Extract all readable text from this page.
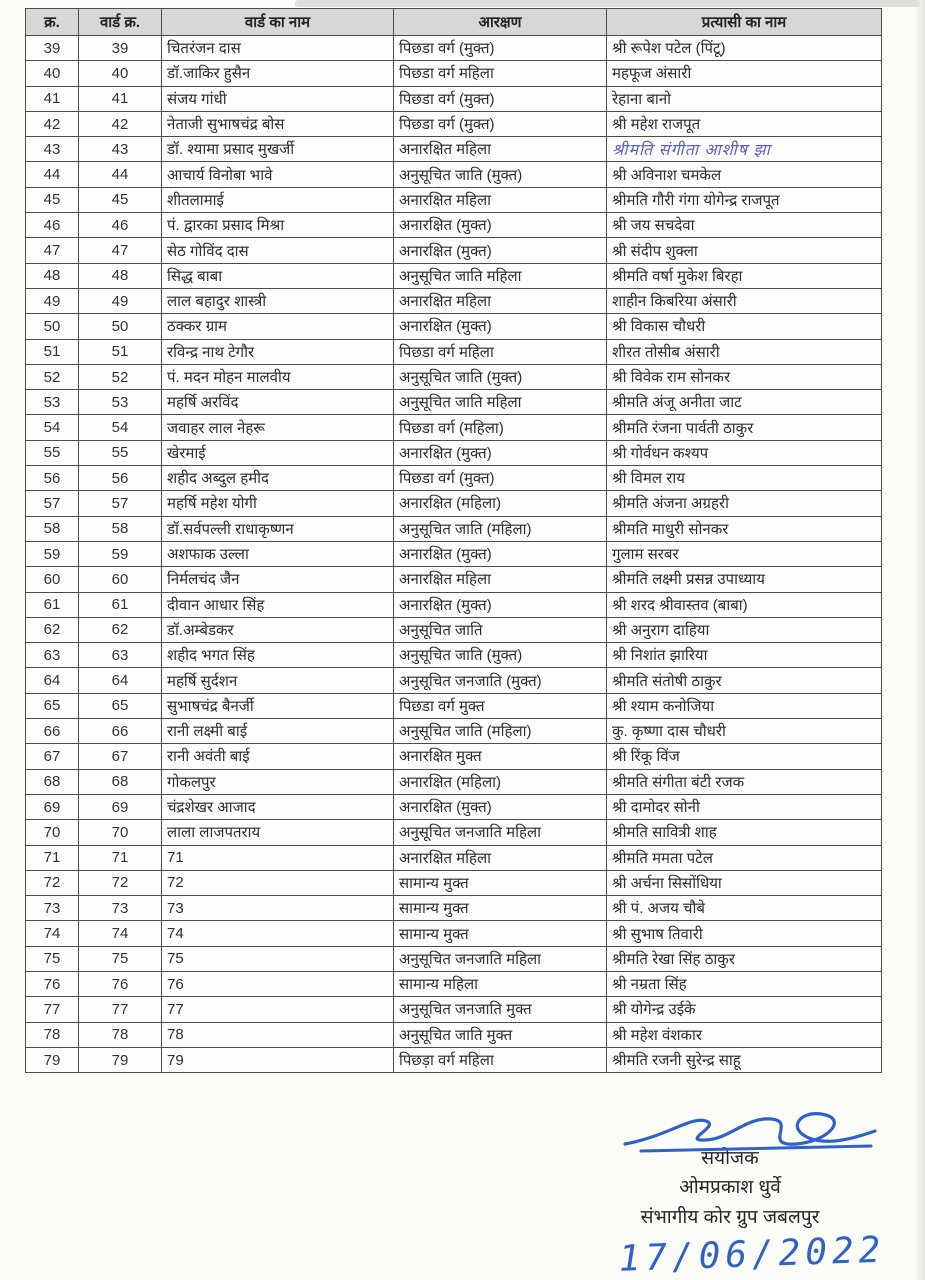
क्र.	वार्ड क्र.	वार्ड का नाम	आरक्षण	प्रत्यासी का नाम
39	39	चितरंजन दास	पिछडा वर्ग (मुक्त)	श्री रूपेश पटेल (पिंटू)
40	40	डॉ.जाकिर हुसैन	पिछडा वर्ग महिला	महफूज अंसारी
41	41	संजय गांधी	पिछडा वर्ग (मुक्त)	रेहाना बानो
42	42	नेताजी सुभाषचंद्र बोस	पिछडा वर्ग (मुक्त)	श्री महेश राजपूत
43	43	डॉ. श्यामा प्रसाद मुखर्जी	अनारक्षित महिला	श्रीमति संगीता आशीष झा
44	44	आचार्य विनोबा भावे	अनुसूचित जाति (मुक्त)	श्री अविनाश चमकेल
45	45	शीतलामाई	अनारक्षित महिला	श्रीमति गौरी गंगा योगेन्द्र राजपूत
46	46	पं. द्वारका प्रसाद मिश्रा	अनारक्षित (मुक्त)	श्री जय सचदेवा
47	47	सेठ गोविंद दास	अनारक्षित (मुक्त)	श्री संदीप शुक्ला
48	48	सिद्ध बाबा	अनुसूचित जाति महिला	श्रीमति वर्षा मुकेश बिरहा
49	49	लाल बहादुर शास्त्री	अनारक्षित महिला	शाहीन किबरिया अंसारी
50	50	ठक्कर ग्राम	अनारक्षित (मुक्त)	श्री विकास चौधरी
51	51	रविन्द्र नाथ टेगौर	पिछडा वर्ग महिला	शीरत तोसीब अंसारी
52	52	पं. मदन मोहन मालवीय	अनुसूचित जाति (मुक्त)	श्री विवेक राम सोनकर
53	53	महर्षि अरविंद	अनुसूचित जाति महिला	श्रीमति अंजू अनीता जाट
54	54	जवाहर लाल नेहरू	पिछडा वर्ग (महिला)	श्रीमति रंजना पार्वती ठाकुर
55	55	खेरमाई	अनारक्षित (मुक्त)	श्री गोर्वधन कश्यप
56	56	शहीद अब्दुल हमीद	पिछडा वर्ग (मुक्त)	श्री विमल राय
57	57	महर्षि महेश योगी	अनारक्षित (महिला)	श्रीमति अंजना अग्रहरी
58	58	डॉ.सर्वपल्ली राधाकृष्णन	अनुसूचित जाति (महिला)	श्रीमति माधुरी सोनकर
59	59	अशफाक उल्ला	अनारक्षित (मुक्त)	गुलाम सरबर
60	60	निर्मलचंद जैन	अनारक्षित महिला	श्रीमति लक्ष्मी प्रसन्न उपाध्याय
61	61	दीवान आधार सिंह	अनारक्षित (मुक्त)	श्री शरद श्रीवास्तव (बाबा)
62	62	डॉ.अम्बेडकर	अनुसूचित जाति	श्री अनुराग दाहिया
63	63	शहीद भगत सिंह	अनुसूचित जाति (मुक्त)	श्री निशांत झारिया
64	64	महर्षि सुर्दशन	अनुसूचित जनजाति (मुक्त)	श्रीमति संतोषी ठाकुर
65	65	सुभाषचंद्र बैनर्जी	पिछडा वर्ग मुक्त	श्री श्याम कनोजिया
66	66	रानी लक्ष्मी बाई	अनुसूचित जाति (महिला)	कु. कृष्णा दास चौधरी
67	67	रानी अवंती बाई	अनारक्षित मुक्त	श्री रिंकू विंज
68	68	गोकलपुर	अनारक्षित (महिला)	श्रीमति संगीता बंटी रजक
69	69	चंद्रशेखर आजाद	अनारक्षित (मुक्त)	श्री दामोदर सोनी
70	70	लाला लाजपतराय	अनुसूचित जनजाति महिला	श्रीमति सावित्री शाह
71	71	71	अनारक्षित महिला	श्रीमति ममता पटेल
72	72	72	सामान्य मुक्त	श्री अर्चना सिसोंधिया
73	73	73	सामान्य मुक्त	श्री पं. अजय चौबे
74	74	74	सामान्य मुक्त	श्री सुभाष तिवारी
75	75	75	अनुसूचित जनजाति महिला	श्रीमति रेखा सिंह ठाकुर
76	76	76	सामान्य महिला	श्री नम्रता सिंह
77	77	77	अनुसूचित जनजाति मुक्त	श्री योगेन्द्र उईके
78	78	78	अनुसूचित जाति मुक्त	श्री महेश वंशकार
79	79	79	पिछड़ा वर्ग महिला	श्रीमति रजनी सुरेन्द्र साहू
संयोजक
ओमप्रकाश धुर्वे
संभागीय कोर ग्रुप जबलपुर
17/06/2022
